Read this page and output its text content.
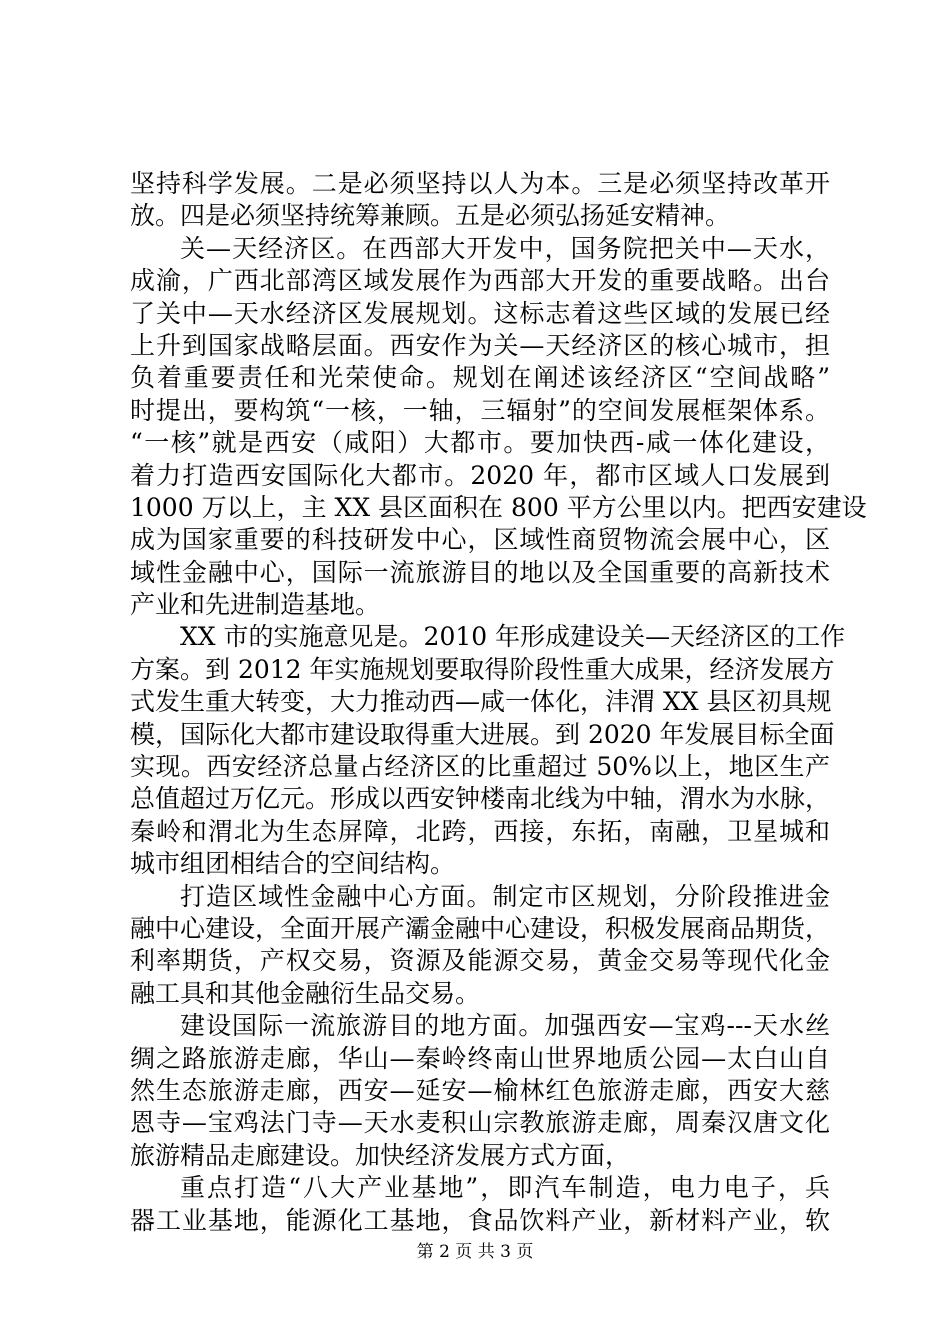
坚持科学发展。二是必须坚持以人为本。三是必须坚持改革开
放。四是必须坚持统筹兼顾。五是必须弘扬延安精神。
关—天经济区。在西部大开发中，国务院把关中—天水，
成渝，广西北部湾区域发展作为西部大开发的重要战略。出台
了关中—天水经济区发展规划。这标志着这些区域的发展已经
上升到国家战略层面。西安作为关—天经济区的核心城市，担
负着重要责任和光荣使命。规划在阐述该经济区“空间战略”
时提出，要构筑“一核，一轴，三辐射”的空间发展框架体系。
“一核”就是西安（咸阳）大都市。要加快西-咸一体化建设，
着力打造西安国际化大都市。2020 年，都市区域人口发展到
1000 万以上，主 XX 县区面积在 800 平方公里以内。把西安建设
成为国家重要的科技研发中心，区域性商贸物流会展中心，区
域性金融中心，国际一流旅游目的地以及全国重要的高新技术
产业和先进制造基地。
XX 市的实施意见是。2010 年形成建设关—天经济区的工作
方案。到 2012 年实施规划要取得阶段性重大成果，经济发展方
式发生重大转变，大力推动西—咸一体化，沣渭 XX 县区初具规
模，国际化大都市建设取得重大进展。到 2020 年发展目标全面
实现。西安经济总量占经济区的比重超过 50%以上，地区生产
总值超过万亿元。形成以西安钟楼南北线为中轴，渭水为水脉，
秦岭和渭北为生态屏障，北跨，西接，东拓，南融，卫星城和
城市组团相结合的空间结构。
打造区域性金融中心方面。制定市区规划，分阶段推进金
融中心建设，全面开展产灞金融中心建设，积极发展商品期货，
利率期货，产权交易，资源及能源交易，黄金交易等现代化金
融工具和其他金融衍生品交易。
建设国际一流旅游目的地方面。加强西安—宝鸡---天水丝
绸之路旅游走廊，华山—秦岭终南山世界地质公园—太白山自
然生态旅游走廊，西安—延安—榆林红色旅游走廊，西安大慈
恩寺—宝鸡法门寺—天水麦积山宗教旅游走廊，周秦汉唐文化
旅游精品走廊建设。加快经济发展方式方面，
重点打造“八大产业基地”，即汽车制造，电力电子，兵
器工业基地，能源化工基地，食品饮料产业，新材料产业，软
第 2 页 共 3 页
